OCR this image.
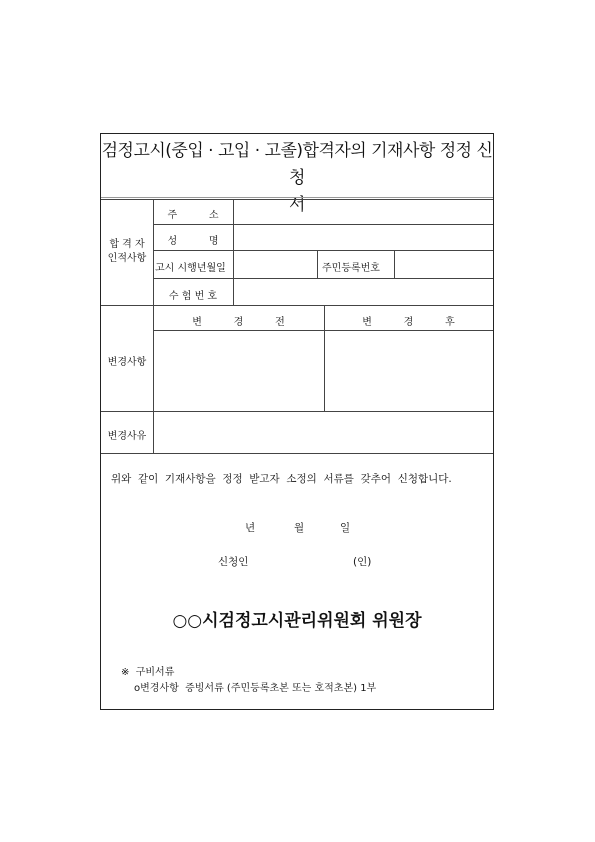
검정고시(중입 · 고입 · 고졸)합격자의 기재사항 정정 신청
서
합 격 자
인적사항
주          소
성          명
고시 시행년월일	주민등록번호
수 험 번 호
변경사항
변          경          전	변          경          후
변경사유
위와  같이  기재사항을  정정  받고자  소정의  서류를  갖추어  신청합니다.
년	월	일
신청인	(인)
○○시검정고시관리위원회 위원장
※  구비서류
o변경사항  증빙서류 (주민등록초본 또는 호적초본) 1부
